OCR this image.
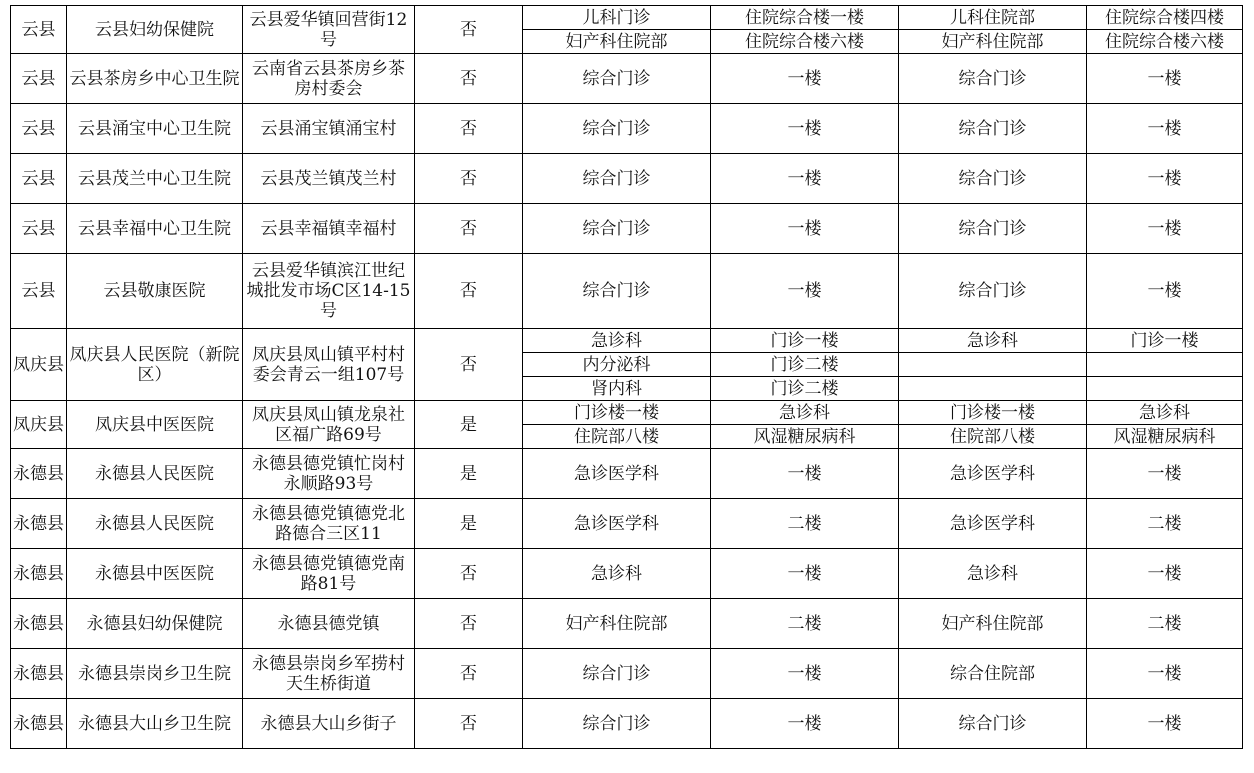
云县	云县妇幼保健院	云县爱华镇回营街12号	否	儿科门诊	住院综合楼一楼	儿科住院部	住院综合楼四楼
				妇产科住院部	住院综合楼六楼	妇产科住院部	住院综合楼六楼
云县	云县茶房乡中心卫生院	云南省云县茶房乡茶房村委会	否	综合门诊	一楼	综合门诊	一楼
云县	云县涌宝中心卫生院	云县涌宝镇涌宝村	否	综合门诊	一楼	综合门诊	一楼
云县	云县茂兰中心卫生院	云县茂兰镇茂兰村	否	综合门诊	一楼	综合门诊	一楼
云县	云县幸福中心卫生院	云县幸福镇幸福村	否	综合门诊	一楼	综合门诊	一楼
云县	云县敬康医院	云县爱华镇滨江世纪城批发市场C区14-15号	否	综合门诊	一楼	综合门诊	一楼
凤庆县	凤庆县人民医院（新院区）	凤庆县凤山镇平村村委会青云一组107号	否	急诊科	门诊一楼	急诊科	门诊一楼
				内分泌科	门诊二楼		
				肾内科	门诊二楼		
凤庆县	凤庆县中医医院	凤庆县凤山镇龙泉社区福广路69号	是	门诊楼一楼	急诊科	门诊楼一楼	急诊科
				住院部八楼	风湿糖尿病科	住院部八楼	风湿糖尿病科
永德县	永德县人民医院	永德县德党镇忙岗村永顺路93号	是	急诊医学科	一楼	急诊医学科	一楼
永德县	永德县人民医院	永德县德党镇德党北路德合三区11	是	急诊医学科	二楼	急诊医学科	二楼
永德县	永德县中医医院	永德县德党镇德党南路81号	否	急诊科	一楼	急诊科	一楼
永德县	永德县妇幼保健院	永德县德党镇	否	妇产科住院部	二楼	妇产科住院部	二楼
永德县	永德县崇岗乡卫生院	永德县崇岗乡军捞村天生桥街道	否	综合门诊	一楼	综合住院部	一楼
永德县	永德县大山乡卫生院	永德县大山乡街子	否	综合门诊	一楼	综合门诊	一楼
